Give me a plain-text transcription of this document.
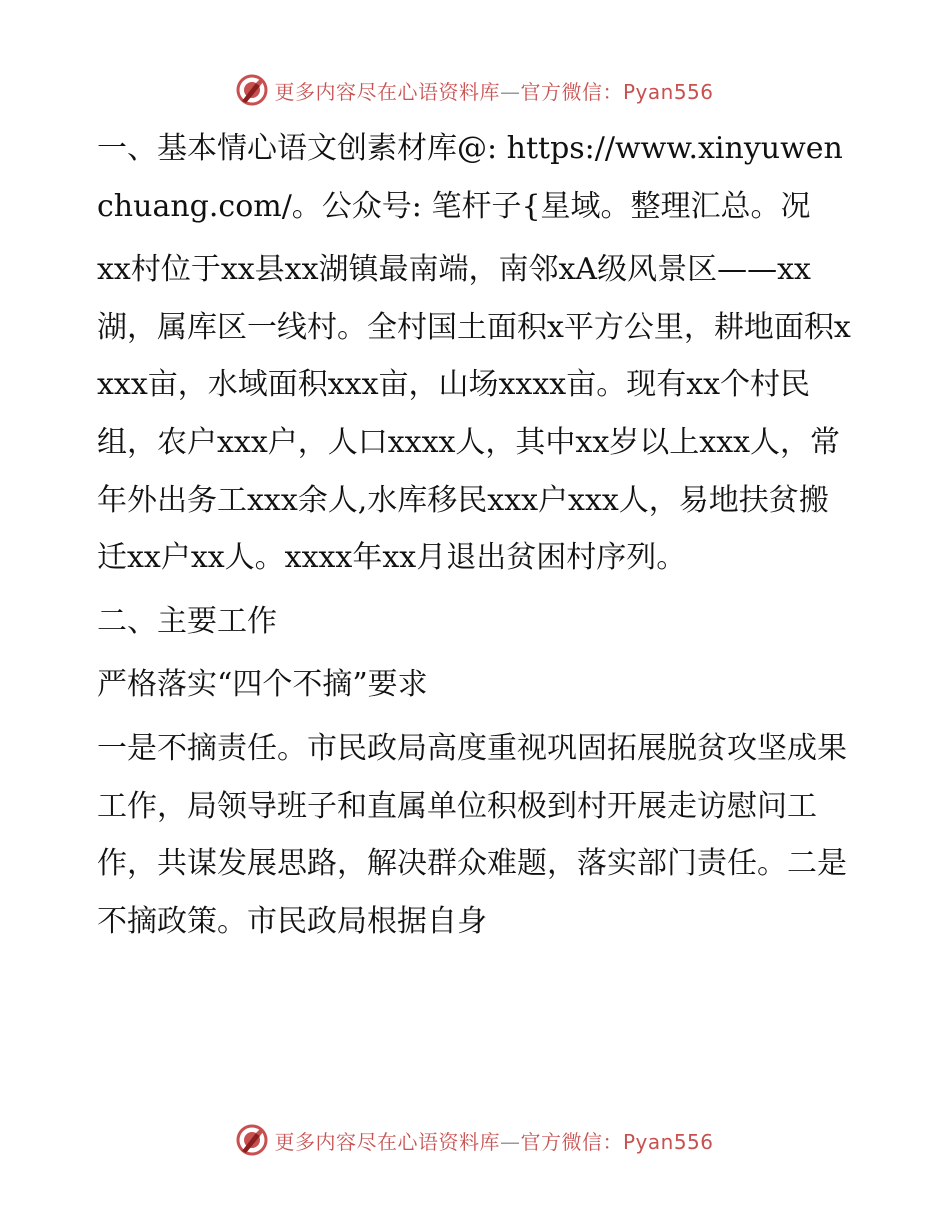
更多内容尽在心语资料库—官方微信：Pyan556

一、基本情心语文创素材库@: https://www.xinyuwenchuang.com/。公众号: 笔杆子{星域。整理汇总。况

xx村位于xx县xx湖镇最南端，南邻xA级风景区——xx湖，属库区一线村。全村国土面积x平方公里，耕地面积xxxx亩，水域面积xxx亩，山场xxxx亩。现有xx个村民组，农户xxx户，人口xxxx人，其中xx岁以上xxx人，常年外出务工xxx余人,水库移民xxx户xxx人，易地扶贫搬迁xx户xx人。xxxx年xx月退出贫困村序列。

二、主要工作

严格落实“四个不摘”要求

一是不摘责任。市民政局高度重视巩固拓展脱贫攻坚成果工作，局领导班子和直属单位积极到村开展走访慰问工作，共谋发展思路，解决群众难题，落实部门责任。二是不摘政策。市民政局根据自身

更多内容尽在心语资料库—官方微信：Pyan556
